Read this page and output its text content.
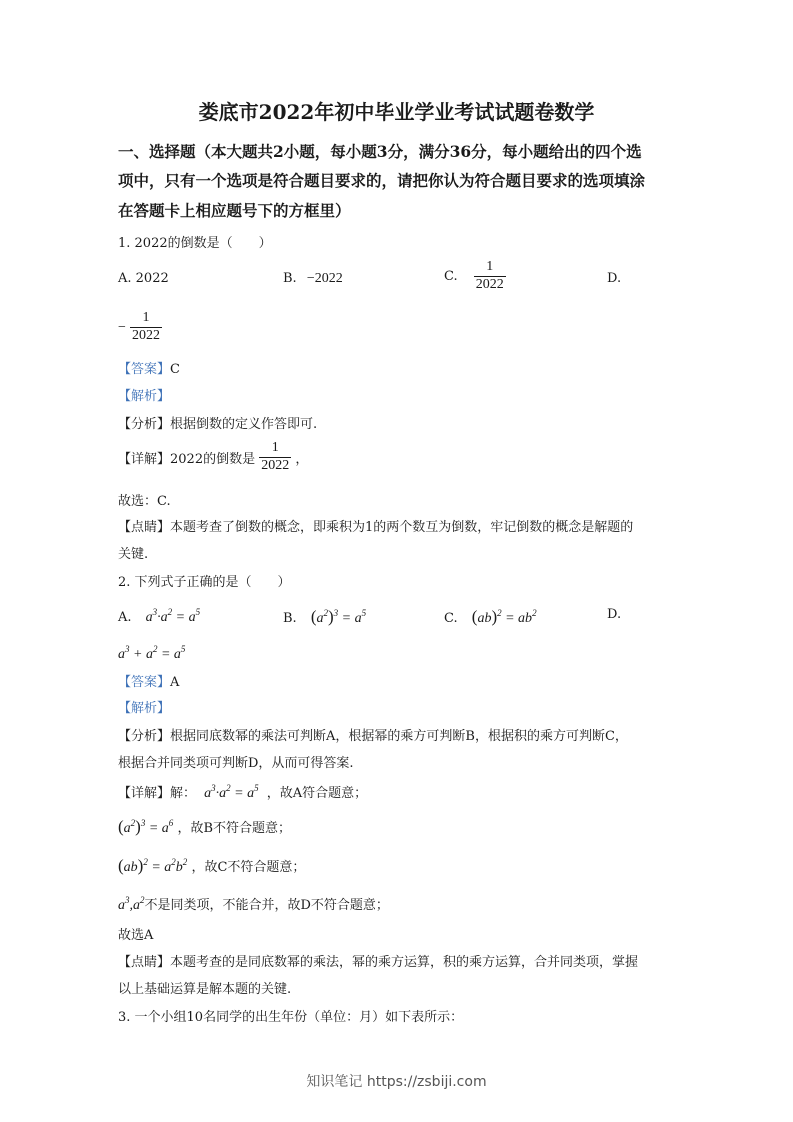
娄底市2022年初中毕业学业考试试题卷数学
一、选择题（本大题共2小题，每小题3分，满分36分，每小题给出的四个选
项中，只有一个选项是符合题目要求的，请把你认为符合题目要求的选项填涂
在答题卡上相应题号下的方框里）
1. 2022的倒数是（　　）
A. 2022	B. −2022	C. $\frac{1}{2022}$	D.
− $\frac{1}{2022}$
【答案】C
【解析】
【分析】根据倒数的定义作答即可.
【详解】2022的倒数是 $\frac{1}{2022}$ ，
故选：C.
【点睛】本题考查了倒数的概念，即乘积为1的两个数互为倒数，牢记倒数的概念是解题的
关键.
2. 下列式子正确的是（　　）
A. $a^3\cdot a^2 = a^5$	B. $(a^2)^3 = a^5$	C. $(ab)^2 = ab^2$	D.
$a^3 + a^2 = a^5$
【答案】A
【解析】
【分析】根据同底数幂的乘法可判断A，根据幂的乘方可判断B，根据积的乘方可判断C，
根据合并同类项可判断D，从而可得答案.
【详解】解： $a^3\cdot a^2 = a^5$ ，故A符合题意；
$(a^2)^3 = a^6$ ，故B不符合题意；
$(ab)^2 = a^2b^2$ ，故C不符合题意；
$a^3,a^2$不是同类项，不能合并，故D不符合题意；
故选A
【点睛】本题考查的是同底数幂的乘法，幂的乘方运算，积的乘方运算，合并同类项，掌握
以上基础运算是解本题的关键.
3. 一个小组10名同学的出生年份（单位：月）如下表所示：
知识笔记 https://zsbiji.com
